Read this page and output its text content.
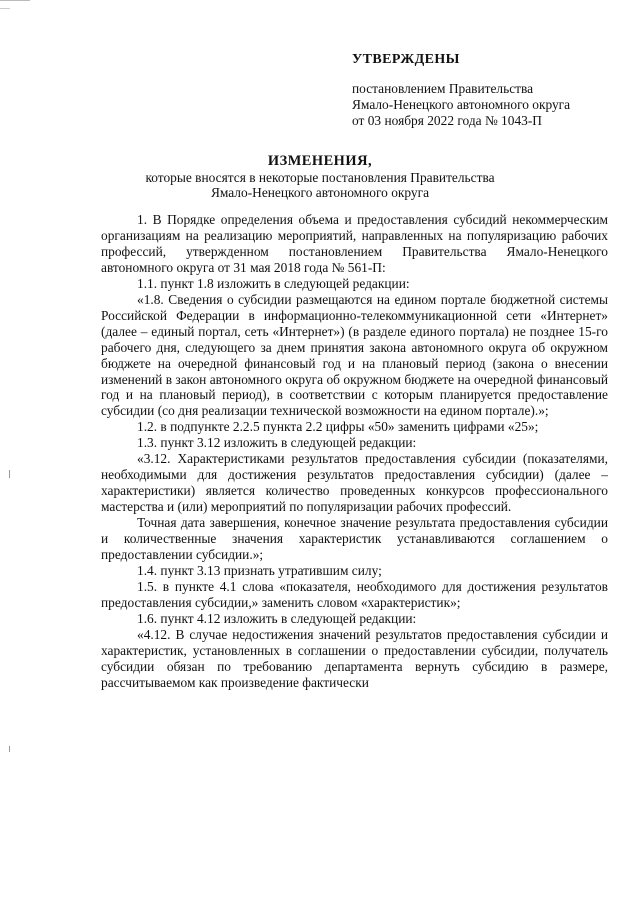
УТВЕРЖДЕНЫ
постановлением Правительства
Ямало-Ненецкого автономного округа
от 03 ноября 2022 года № 1043-П
ИЗМЕНЕНИЯ,
которые вносятся в некоторые постановления Правительства
Ямало-Ненецкого автономного округа

1. В Порядке определения объема и предоставления субсидий некоммерческим организациям на реализацию мероприятий, направленных на популяризацию рабочих профессий, утвержденном постановлением Правительства Ямало-Ненецкого автономного округа от 31 мая 2018 года № 561-П:

1.1. пункт 1.8 изложить в следующей редакции:

«1.8. Сведения о субсидии размещаются на едином портале бюджетной системы Российской Федерации в информационно-телекоммуникационной сети «Интернет» (далее – единый портал, сеть «Интернет») (в разделе единого портала) не позднее 15-го рабочего дня, следующего за днем принятия закона автономного округа об окружном бюджете на очередной финансовый год и на плановый период (закона о внесении изменений в закон автономного округа об окружном бюджете на очередной финансовый год и на плановый период), в соответствии с которым планируется предоставление субсидии (со дня реализации технической возможности на едином портале).»;

1.2. в подпункте 2.2.5 пункта 2.2 цифры «50» заменить цифрами «25»;

1.3. пункт 3.12 изложить в следующей редакции:

«3.12. Характеристиками результатов предоставления субсидии (показателями, необходимыми для достижения результатов предоставления субсидии) (далее – характеристики) является количество проведенных конкурсов профессионального мастерства и (или) мероприятий по популяризации рабочих профессий.

Точная дата завершения, конечное значение результата предоставления субсидии и количественные значения характеристик устанавливаются соглашением о предоставлении субсидии.»;

1.4. пункт 3.13 признать утратившим силу;

1.5. в пункте 4.1 слова «показателя, необходимого для достижения результатов предоставления субсидии,» заменить словом «характеристик»;

1.6. пункт 4.12 изложить в следующей редакции:

«4.12. В случае недостижения значений результатов предоставления субсидии и характеристик, установленных в соглашении о предоставлении субсидии, получатель субсидии обязан по требованию департамента вернуть субсидию в размере, рассчитываемом как произведение фактически
